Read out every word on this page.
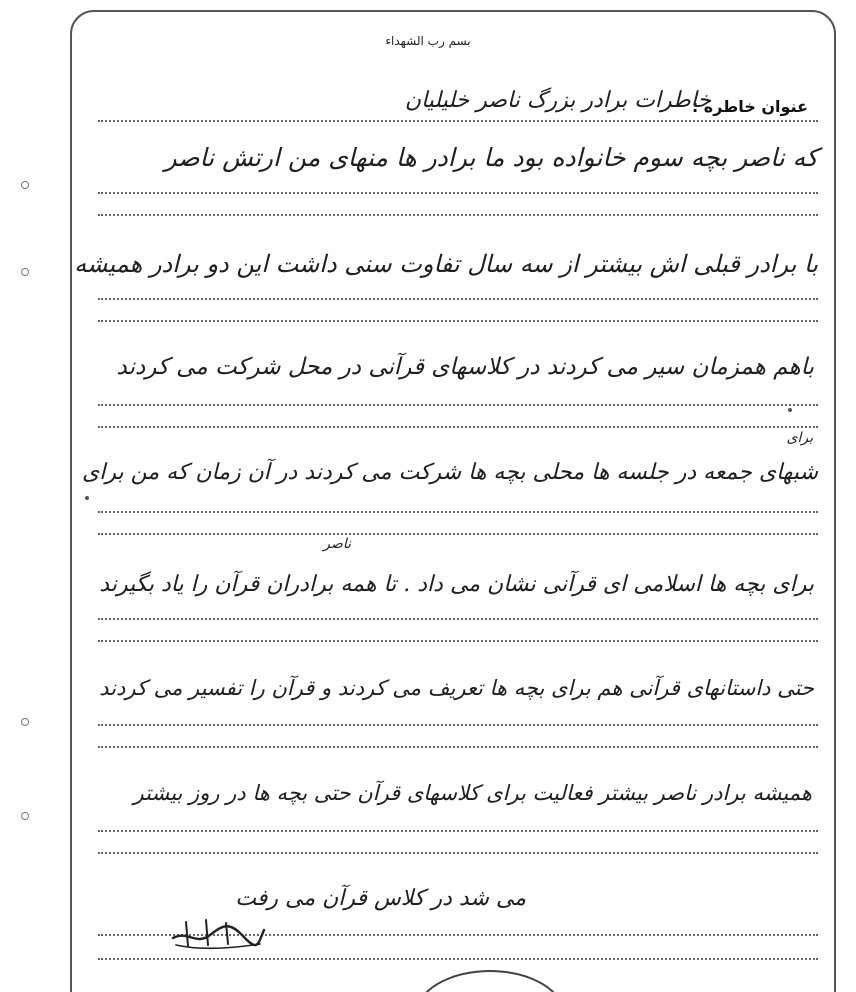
بسم رب الشهداء
عنوان خاطره :
خاطرات برادر بزرگ ناصر خلیلیان
که ناصر بچه سوم خانواده بود ما برادر ها منهای من ارتش ناصر
با برادر قبلی اش بیشتر از سه سال تفاوت سنی داشت این دو برادر همیشه
باهم همزمان سیر می کردند در کلاسهای قرآنی در محل شرکت می کردند
برای
شبهای جمعه در جلسه ها محلی بچه ها شرکت می کردند در آن زمان که من برای
ناصر
برای بچه ها اسلامی ای قرآنی نشان می داد . تا همه برادران قرآن را یاد بگیرند
حتی داستانهای قرآنی هم برای بچه ها تعریف می کردند و قرآن را تفسیر می کردند
همیشه برادر ناصر بیشتر فعالیت برای کلاسهای قرآن حتی بچه ها در روز بیشتر
می شد در کلاس قرآن می رفت
